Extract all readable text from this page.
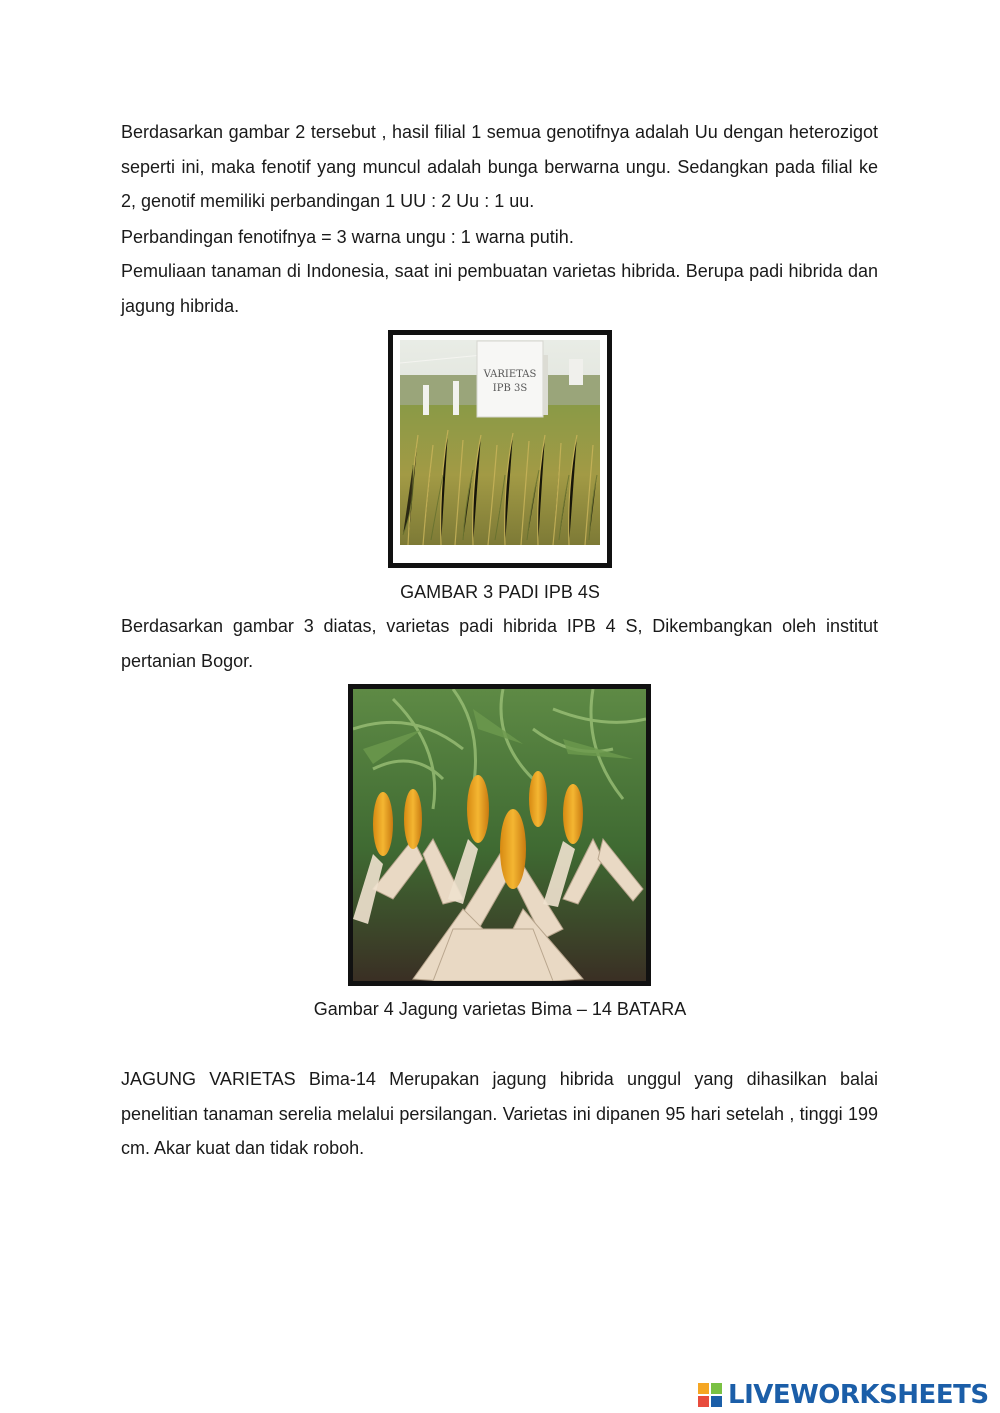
Berdasarkan gambar 2 tersebut , hasil filial 1 semua genotifnya adalah Uu dengan heterozigot seperti ini, maka fenotif yang muncul adalah bunga berwarna ungu. Sedangkan pada filial ke 2, genotif memiliki perbandingan 1 UU : 2 Uu : 1 uu.

Perbandingan fenotifnya = 3 warna ungu : 1 warna putih.

Pemuliaan tanaman di Indonesia, saat ini pembuatan varietas hibrida. Berupa padi hibrida dan jagung hibrida.

VARIETAS
IPB 3S

GAMBAR 3 PADI IPB 4S

Berdasarkan gambar 3 diatas, varietas padi hibrida IPB 4 S, Dikembangkan oleh institut pertanian Bogor.

Gambar 4 Jagung varietas Bima – 14 BATARA

JAGUNG VARIETAS Bima-14 Merupakan jagung hibrida unggul yang dihasilkan balai penelitian tanaman serelia melalui persilangan. Varietas ini dipanen 95 hari setelah , tinggi 199 cm. Akar kuat dan tidak roboh.

LIVEWORKSHEETS
